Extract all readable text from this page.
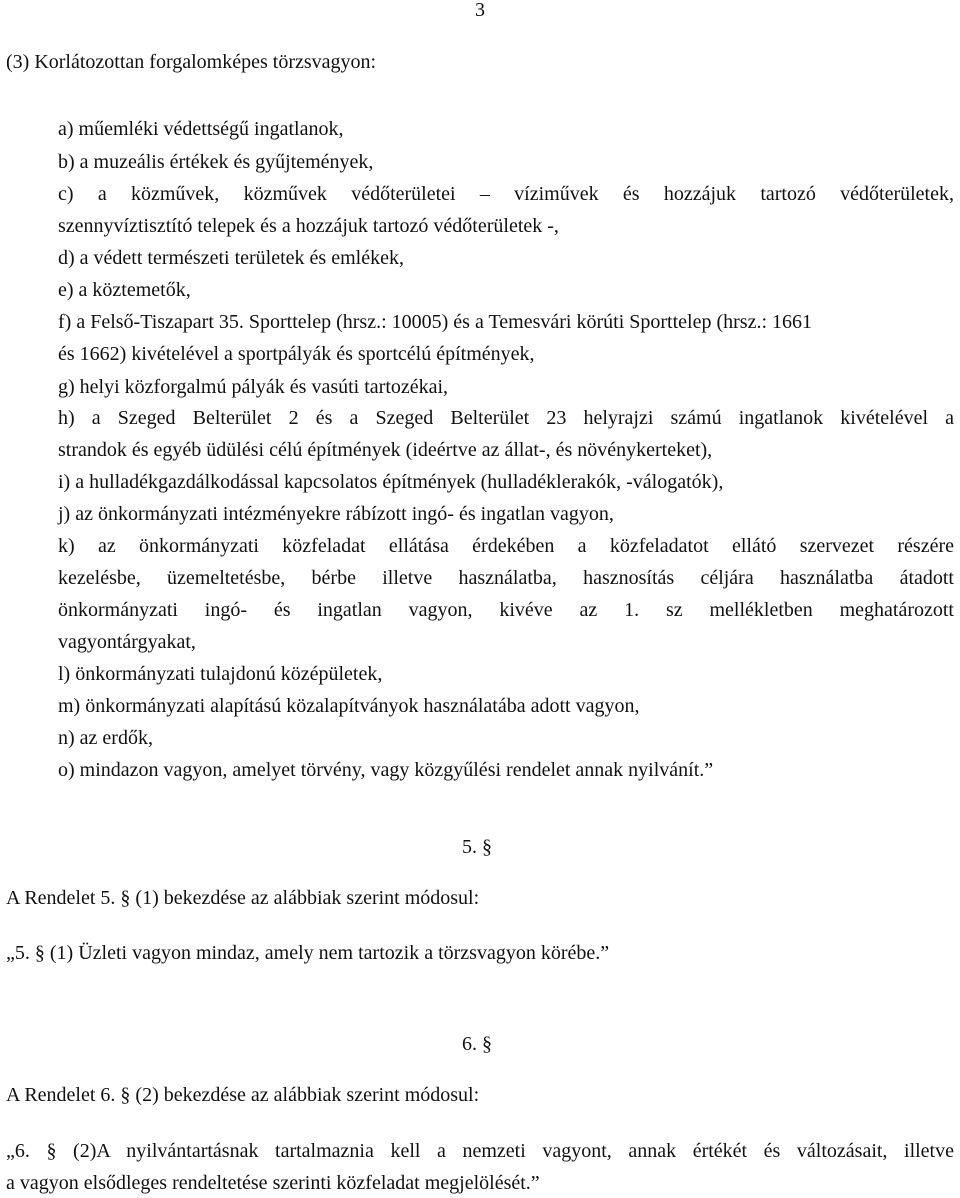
3

(3) Korlátozottan forgalomképes törzsvagyon:

a) műemléki védettségű ingatlanok,

b) a muzeális értékek és gyűjtemények,

c) a közművek, közművek védőterületei – víziművek és hozzájuk tartozó védőterületek,

szennyvíztisztító telepek és a hozzájuk tartozó védőterületek -,

d) a védett természeti területek és emlékek,

e) a köztemetők,

f) a Felső-Tiszapart 35. Sporttelep (hrsz.: 10005) és a Temesvári körúti Sporttelep (hrsz.: 1661

és 1662) kivételével a sportpályák és sportcélú építmények,

g) helyi közforgalmú pályák és vasúti tartozékai,

h) a Szeged Belterület 2 és a Szeged Belterület 23 helyrajzi számú ingatlanok kivételével a

strandok és egyéb üdülési célú építmények (ideértve az állat-, és növénykerteket),

i) a hulladékgazdálkodással kapcsolatos építmények (hulladéklerakók, -válogatók),

j) az önkormányzati intézményekre rábízott ingó- és ingatlan vagyon,

k) az önkormányzati közfeladat ellátása érdekében a közfeladatot ellátó szervezet részére

kezelésbe, üzemeltetésbe, bérbe illetve használatba, hasznosítás céljára használatba átadott

önkormányzati ingó- és ingatlan vagyon, kivéve az 1. sz mellékletben meghatározott

vagyontárgyakat,

l) önkormányzati tulajdonú középületek,

m) önkormányzati alapítású közalapítványok használatába adott vagyon,

n) az erdők,

o) mindazon vagyon, amelyet törvény, vagy közgyűlési rendelet annak nyilvánít.”

5. §

A Rendelet 5. § (1) bekezdése az alábbiak szerint módosul:

„5. § (1) Üzleti vagyon mindaz, amely nem tartozik a törzsvagyon körébe.”

6. §

A Rendelet 6. § (2) bekezdése az alábbiak szerint módosul:

„6. § (2)A nyilvántartásnak tartalmaznia kell a nemzeti vagyont, annak értékét és változásait, illetve

a vagyon elsődleges rendeltetése szerinti közfeladat megjelölését.”
